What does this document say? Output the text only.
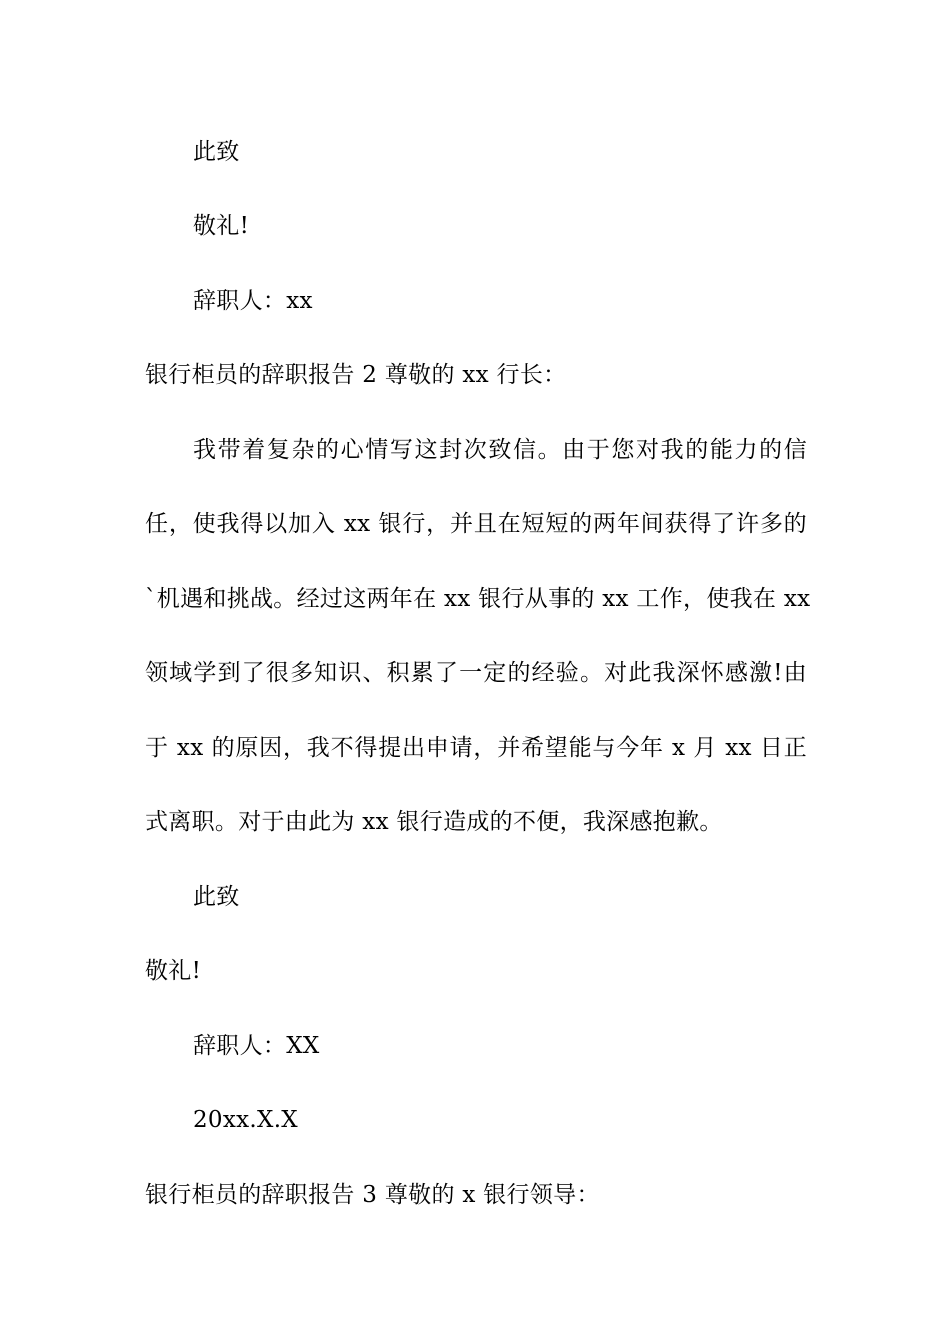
此致
敬礼!
辞职人：xx
银行柜员的辞职报告 2 尊敬的 xx 行长：
我带着复杂的心情写这封次致信。由于您对我的能力的信
任，使我得以加入 xx 银行，并且在短短的两年间获得了许多的
`机遇和挑战。经过这两年在 xx 银行从事的 xx 工作，使我在 xx
领域学到了很多知识、积累了一定的经验。对此我深怀感激!由
于 xx 的原因，我不得提出申请，并希望能与今年 x 月 xx 日正
式离职。对于由此为 xx 银行造成的不便，我深感抱歉。
此致
敬礼!
辞职人：XX
20xx.X.X
银行柜员的辞职报告 3 尊敬的 x 银行领导：
